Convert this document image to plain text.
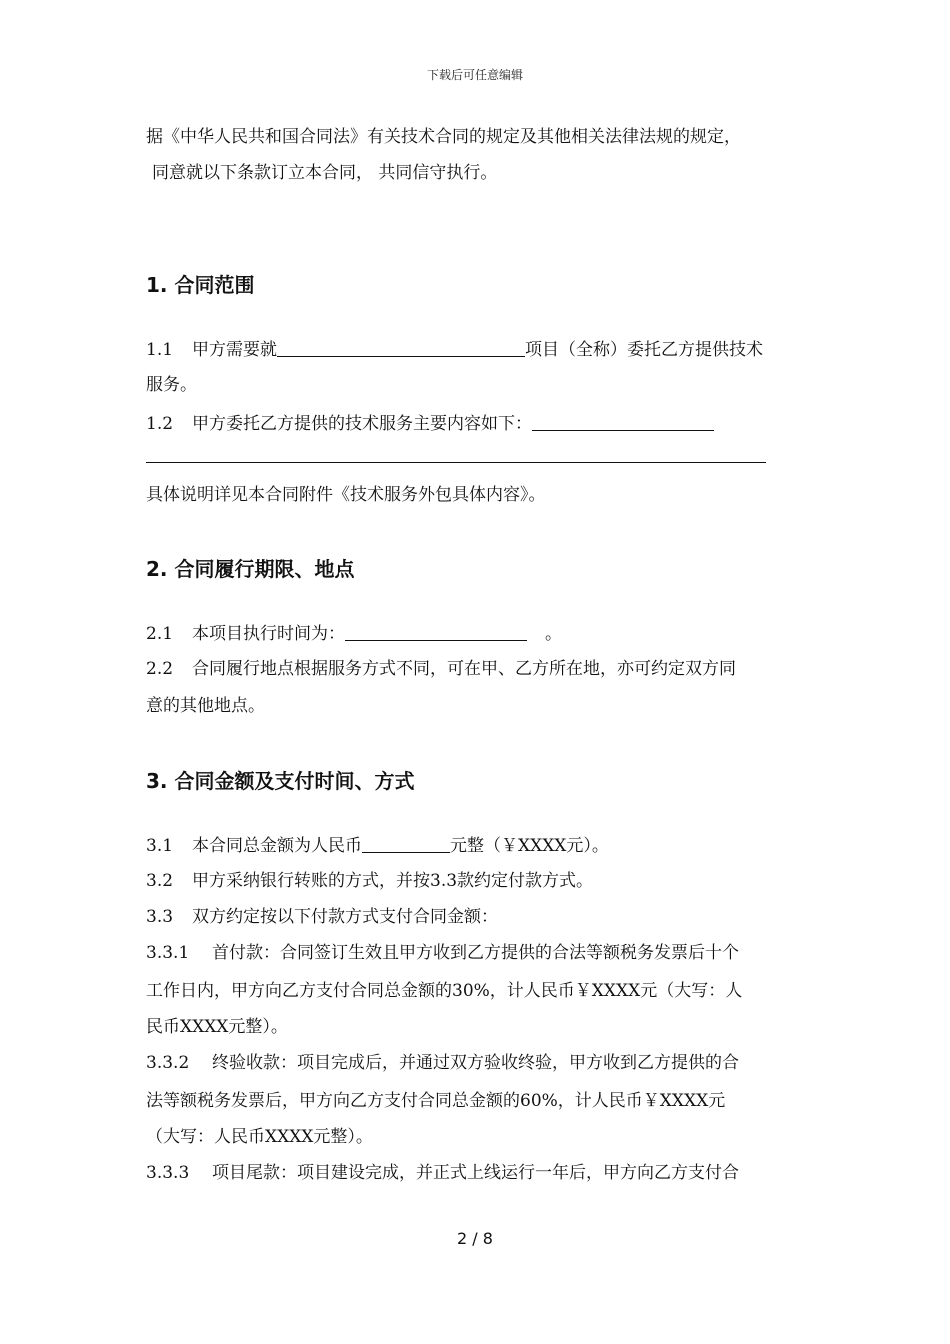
下载后可任意编辑
据《中华人民共和国合同法》有关技术合同的规定及其他相关法律法规的规定，
同意就以下条款订立本合同， 共同信守执行。
1. 合同范围
1.1 甲方需要就	项目（全称）委托乙方提供技术
服务。
1.2 甲方委托乙方提供的技术服务主要内容如下：
具体说明详见本合同附件《技术服务外包具体内容》。
2. 合同履行期限、地点
2.1 本项目执行时间为：	。
2.2 合同履行地点根据服务方式不同，可在甲、乙方所在地，亦可约定双方同
意的其他地点。
3. 合同金额及支付时间、方式
3.1 本合同总金额为人民币	元整（￥XXXX元）。
3.2 甲方采纳银行转账的方式，并按3.3款约定付款方式。
3.3 双方约定按以下付款方式支付合同金额：
3.3.1 首付款：合同签订生效且甲方收到乙方提供的合法等额税务发票后十个
工作日内，甲方向乙方支付合同总金额的30%，计人民币￥XXXX元（大写：人
民币XXXX元整）。
3.3.2 终验收款：项目完成后，并通过双方验收终验，甲方收到乙方提供的合
法等额税务发票后，甲方向乙方支付合同总金额的60%，计人民币￥XXXX元
（大写：人民币XXXX元整）。
3.3.3 项目尾款：项目建设完成，并正式上线运行一年后，甲方向乙方支付合
2 / 8
